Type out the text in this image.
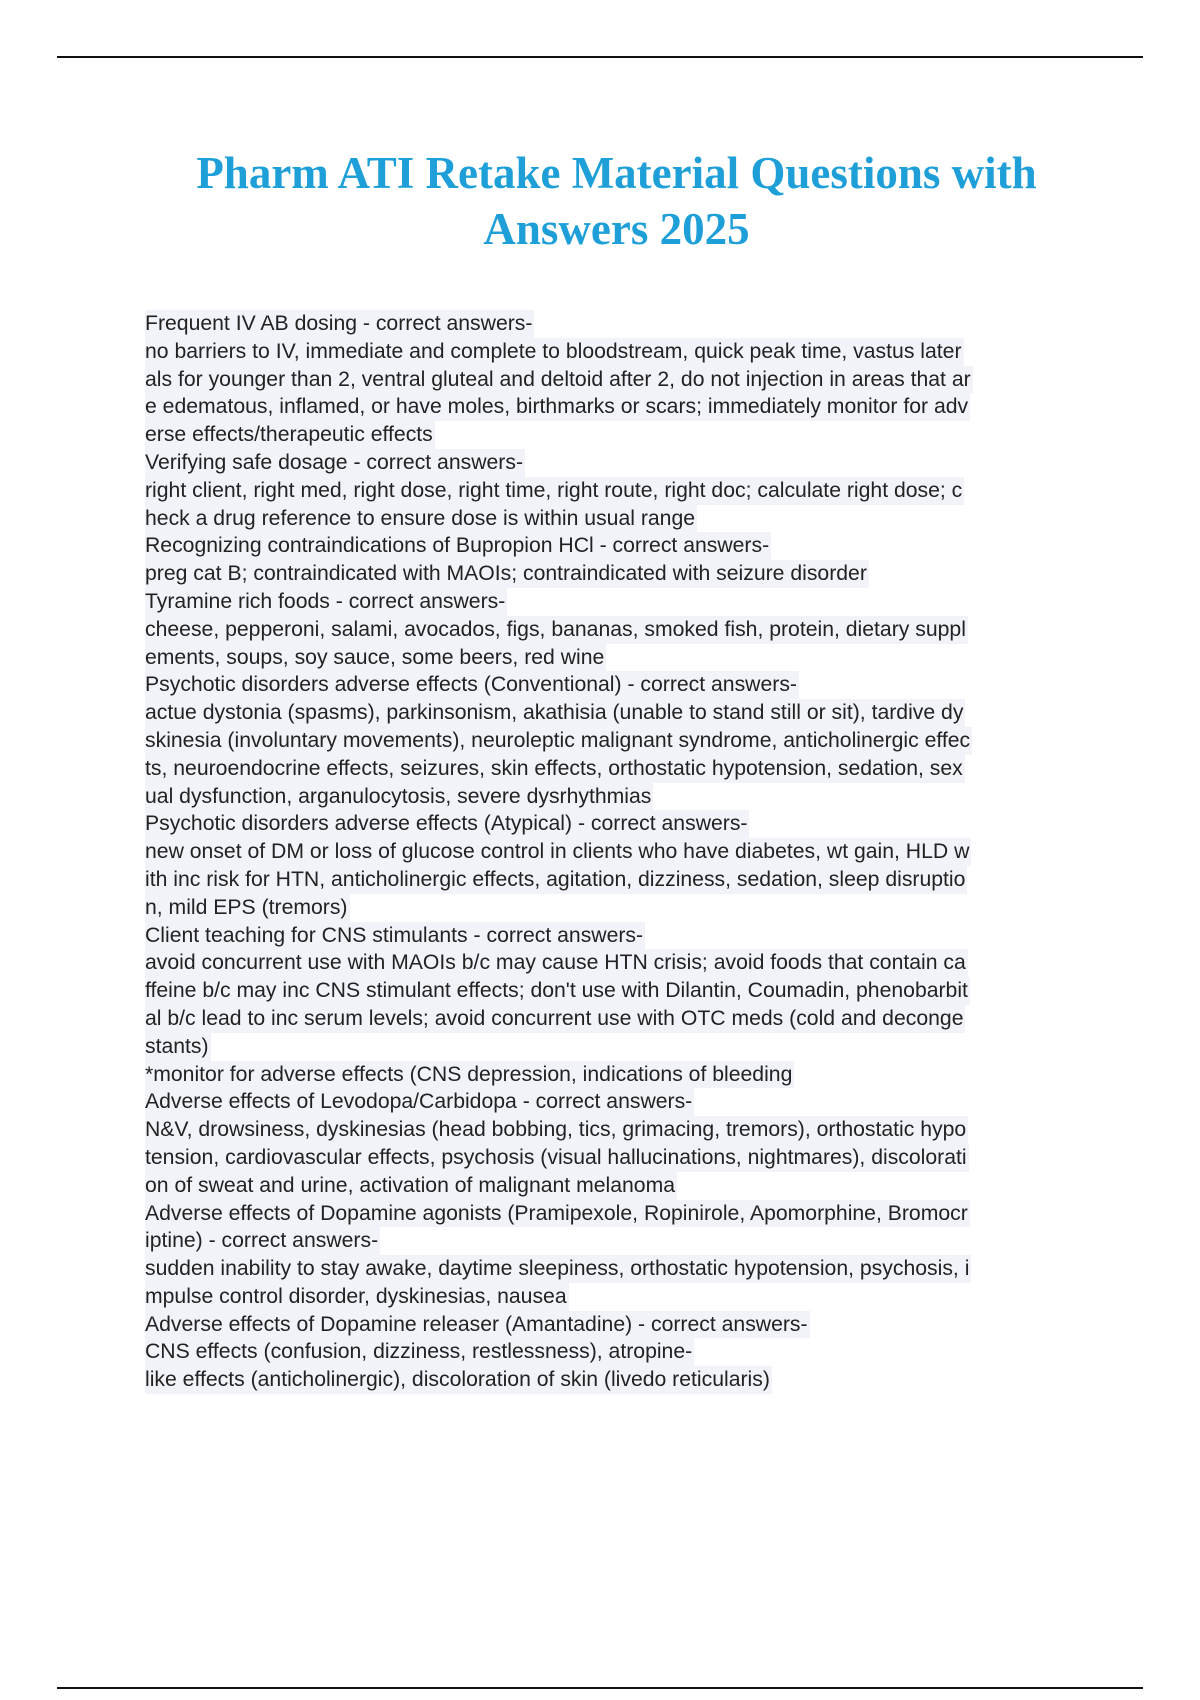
Pharm ATI Retake Material Questions with
Answers 2025
Frequent IV AB dosing - correct answers-
no barriers to IV, immediate and complete to bloodstream, quick peak time, vastus later
als for younger than 2, ventral gluteal and deltoid after 2, do not injection in areas that ar
e edematous, inflamed, or have moles, birthmarks or scars; immediately monitor for adv
erse effects/therapeutic effects
Verifying safe dosage - correct answers-
right client, right med, right dose, right time, right route, right doc; calculate right dose; c
heck a drug reference to ensure dose is within usual range
Recognizing contraindications of Bupropion HCl - correct answers-
preg cat B; contraindicated with MAOIs; contraindicated with seizure disorder
Tyramine rich foods - correct answers-
cheese, pepperoni, salami, avocados, figs, bananas, smoked fish, protein, dietary suppl
ements, soups, soy sauce, some beers, red wine
Psychotic disorders adverse effects (Conventional) - correct answers-
actue dystonia (spasms), parkinsonism, akathisia (unable to stand still or sit), tardive dy
skinesia (involuntary movements), neuroleptic malignant syndrome, anticholinergic effec
ts, neuroendocrine effects, seizures, skin effects, orthostatic hypotension, sedation, sex
ual dysfunction, arganulocytosis, severe dysrhythmias
Psychotic disorders adverse effects (Atypical) - correct answers-
new onset of DM or loss of glucose control in clients who have diabetes, wt gain, HLD w
ith inc risk for HTN, anticholinergic effects, agitation, dizziness, sedation, sleep disruptio
n, mild EPS (tremors)
Client teaching for CNS stimulants - correct answers-
avoid concurrent use with MAOIs b/c may cause HTN crisis; avoid foods that contain ca
ffeine b/c may inc CNS stimulant effects; don't use with Dilantin, Coumadin, phenobarbit
al b/c lead to inc serum levels; avoid concurrent use with OTC meds (cold and deconge
stants)
*monitor for adverse effects (CNS depression, indications of bleeding
Adverse effects of Levodopa/Carbidopa - correct answers-
N&V, drowsiness, dyskinesias (head bobbing, tics, grimacing, tremors), orthostatic hypo
tension, cardiovascular effects, psychosis (visual hallucinations, nightmares), discolorati
on of sweat and urine, activation of malignant melanoma
Adverse effects of Dopamine agonists (Pramipexole, Ropinirole, Apomorphine, Bromocr
iptine) - correct answers-
sudden inability to stay awake, daytime sleepiness, orthostatic hypotension, psychosis, i
mpulse control disorder, dyskinesias, nausea
Adverse effects of Dopamine releaser (Amantadine) - correct answers-
CNS effects (confusion, dizziness, restlessness), atropine-
like effects (anticholinergic), discoloration of skin (livedo reticularis)
